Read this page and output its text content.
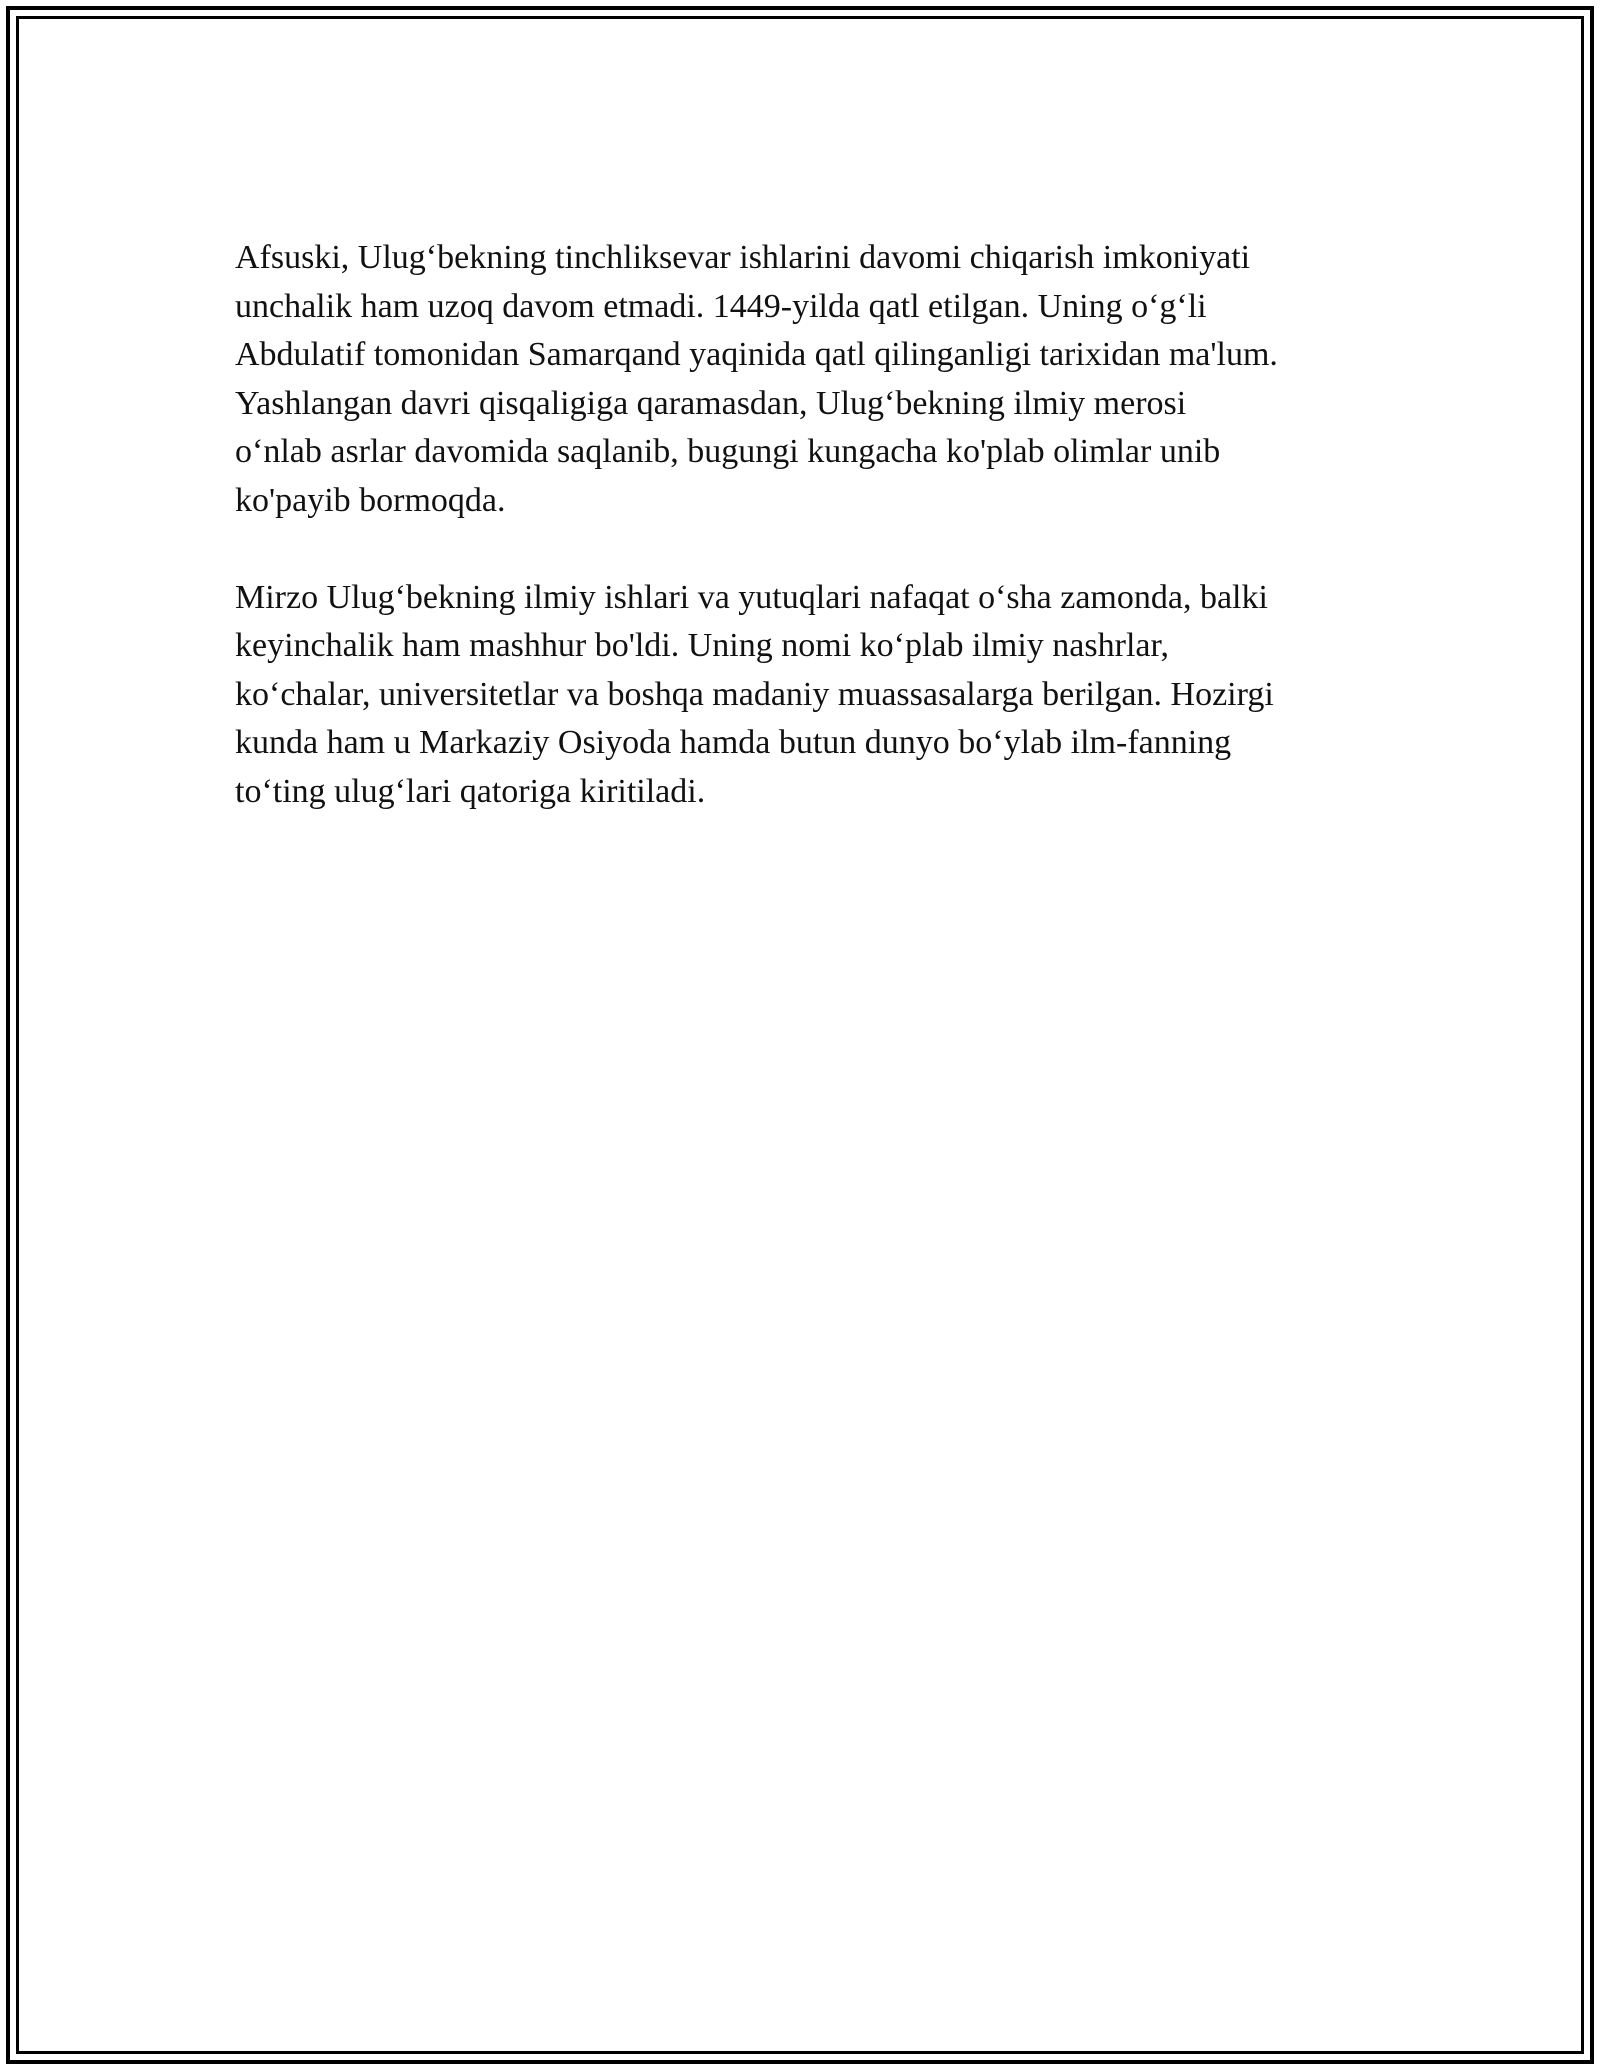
Afsuski, Ulug‘bekning tinchliksevar ishlarini davomi chiqarish imkoniyati
unchalik ham uzoq davom etmadi. 1449-yilda qatl etilgan. Uning o‘g‘li
Abdulatif tomonidan Samarqand yaqinida qatl qilinganligi tarixidan ma'lum.
Yashlangan davri qisqaligiga qaramasdan, Ulug‘bekning ilmiy merosi
o‘nlab asrlar davomida saqlanib, bugungi kungacha ko'plab olimlar unib
ko'payib bormoqda.

Mirzo Ulug‘bekning ilmiy ishlari va yutuqlari nafaqat o‘sha zamonda, balki
keyinchalik ham mashhur bo'ldi. Uning nomi ko‘plab ilmiy nashrlar,
ko‘chalar, universitetlar va boshqa madaniy muassasalarga berilgan. Hozirgi
kunda ham u Markaziy Osiyoda hamda butun dunyo bo‘ylab ilm-fanning
to‘ting ulug‘lari qatoriga kiritiladi.
